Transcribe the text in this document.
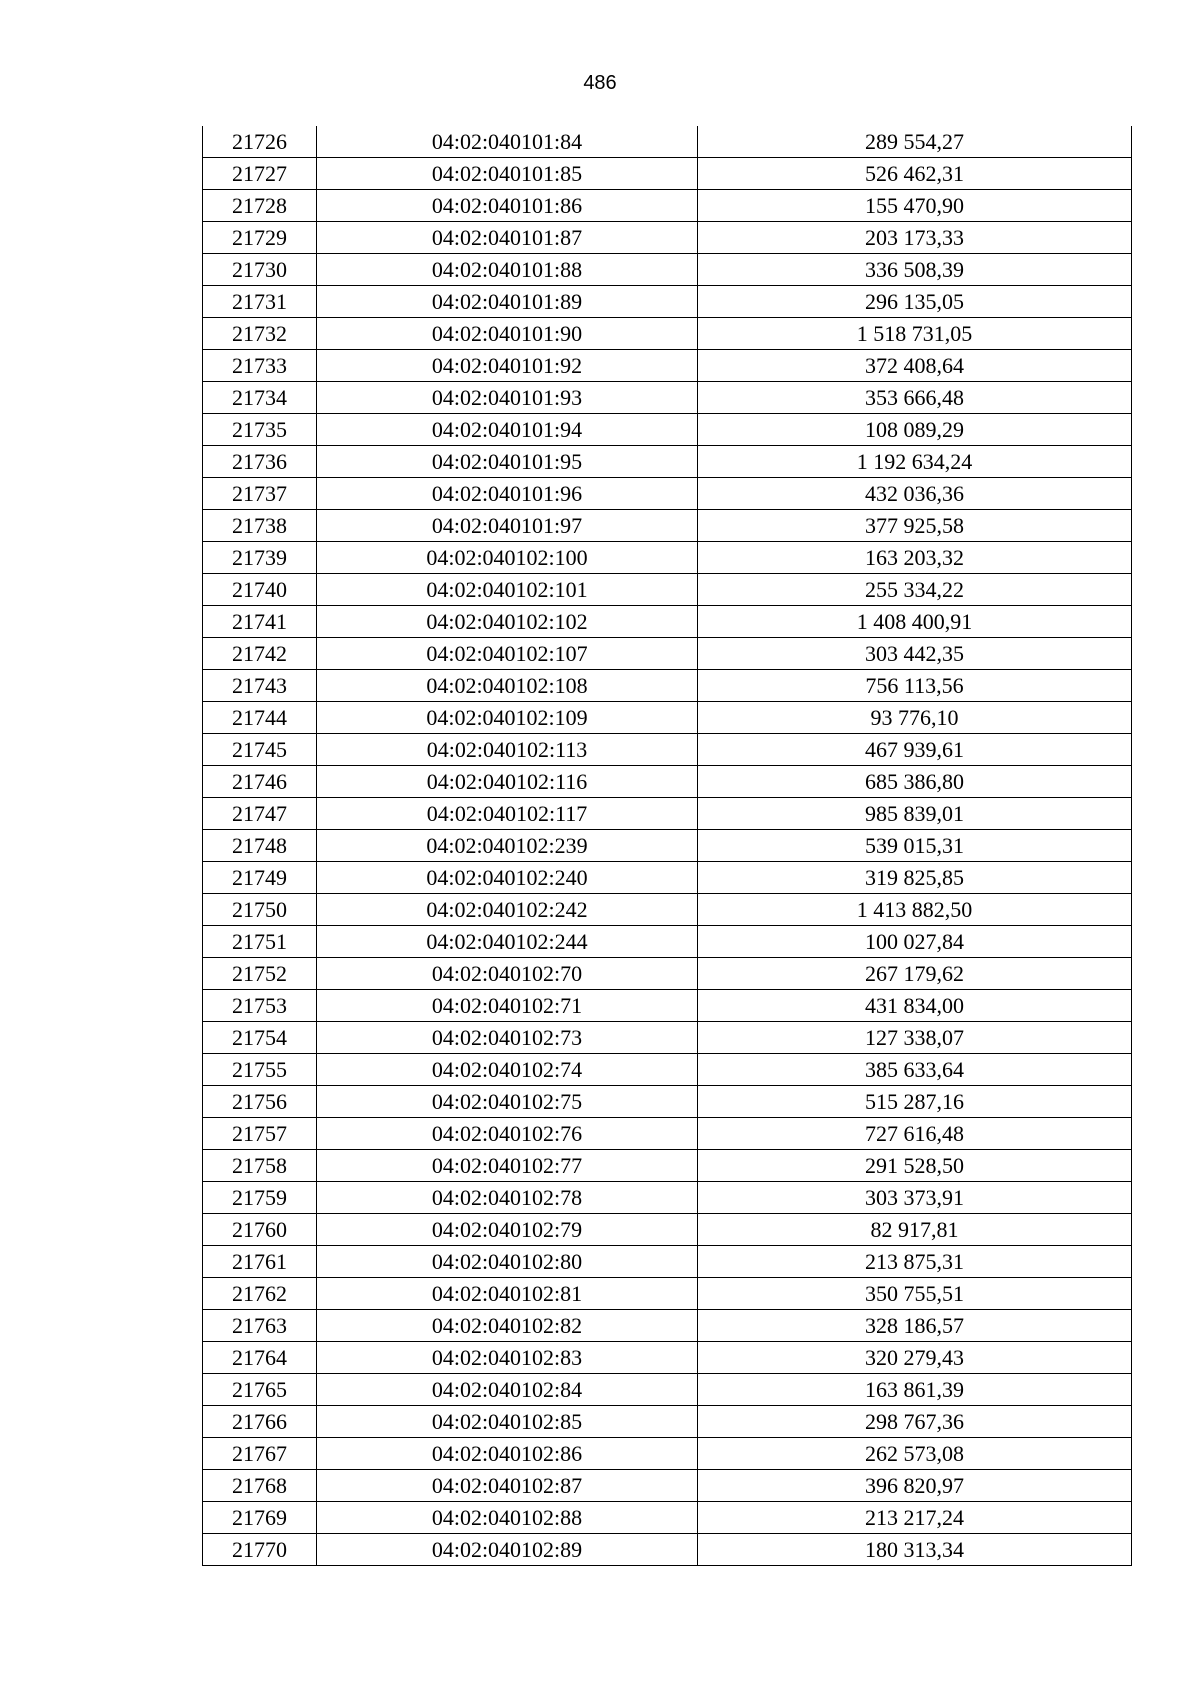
486
21726	04:02:040101:84	289 554,27
21727	04:02:040101:85	526 462,31
21728	04:02:040101:86	155 470,90
21729	04:02:040101:87	203 173,33
21730	04:02:040101:88	336 508,39
21731	04:02:040101:89	296 135,05
21732	04:02:040101:90	1 518 731,05
21733	04:02:040101:92	372 408,64
21734	04:02:040101:93	353 666,48
21735	04:02:040101:94	108 089,29
21736	04:02:040101:95	1 192 634,24
21737	04:02:040101:96	432 036,36
21738	04:02:040101:97	377 925,58
21739	04:02:040102:100	163 203,32
21740	04:02:040102:101	255 334,22
21741	04:02:040102:102	1 408 400,91
21742	04:02:040102:107	303 442,35
21743	04:02:040102:108	756 113,56
21744	04:02:040102:109	93 776,10
21745	04:02:040102:113	467 939,61
21746	04:02:040102:116	685 386,80
21747	04:02:040102:117	985 839,01
21748	04:02:040102:239	539 015,31
21749	04:02:040102:240	319 825,85
21750	04:02:040102:242	1 413 882,50
21751	04:02:040102:244	100 027,84
21752	04:02:040102:70	267 179,62
21753	04:02:040102:71	431 834,00
21754	04:02:040102:73	127 338,07
21755	04:02:040102:74	385 633,64
21756	04:02:040102:75	515 287,16
21757	04:02:040102:76	727 616,48
21758	04:02:040102:77	291 528,50
21759	04:02:040102:78	303 373,91
21760	04:02:040102:79	82 917,81
21761	04:02:040102:80	213 875,31
21762	04:02:040102:81	350 755,51
21763	04:02:040102:82	328 186,57
21764	04:02:040102:83	320 279,43
21765	04:02:040102:84	163 861,39
21766	04:02:040102:85	298 767,36
21767	04:02:040102:86	262 573,08
21768	04:02:040102:87	396 820,97
21769	04:02:040102:88	213 217,24
21770	04:02:040102:89	180 313,34
